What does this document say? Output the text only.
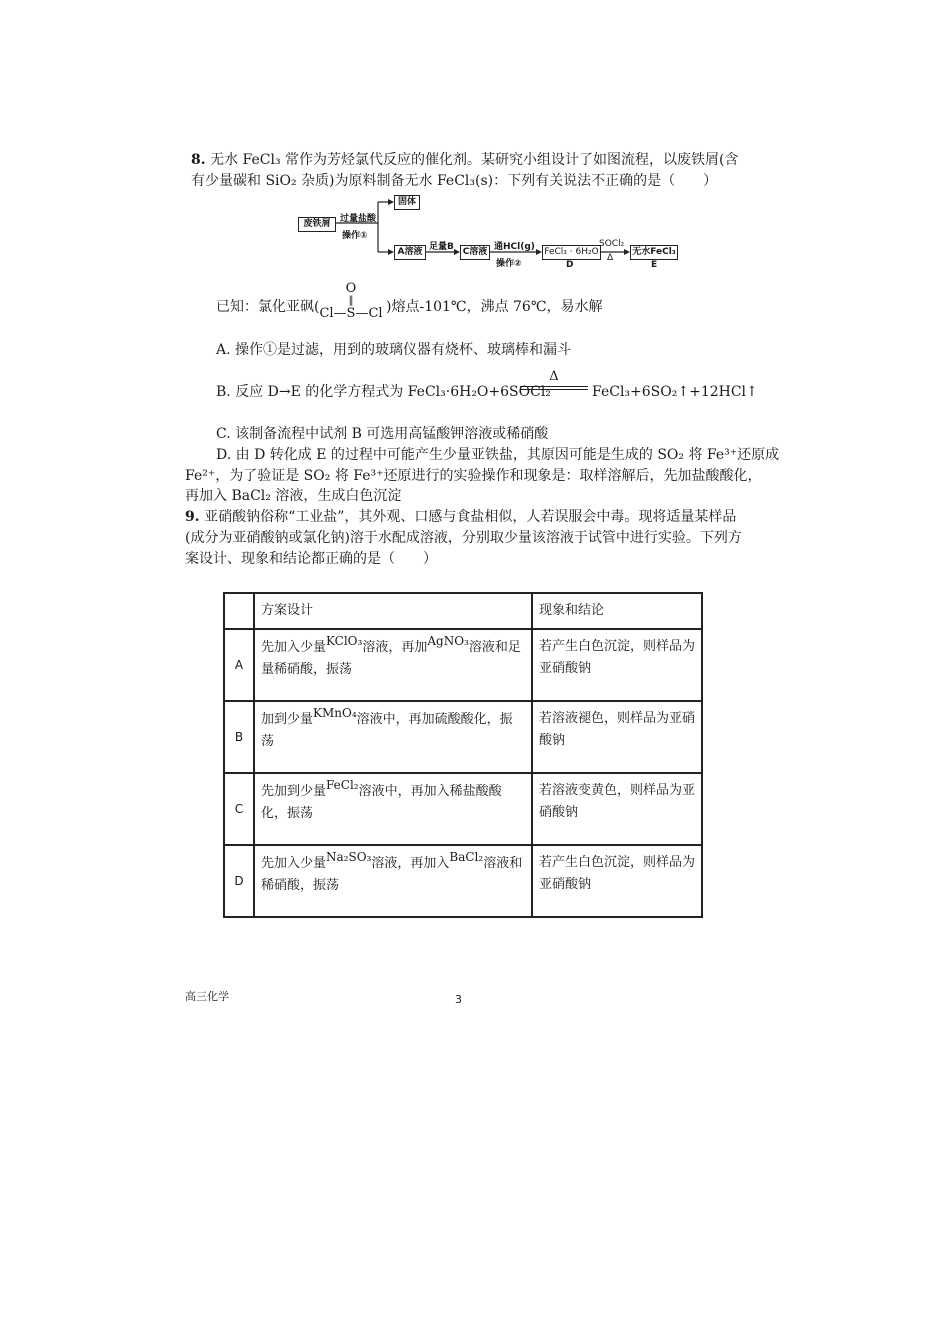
8. 无水 FeCl₃ 常作为芳烃氯代反应的催化剂。某研究小组设计了如图流程，以废铁屑(含有少量碳和 SiO₂ 杂质)为原料制备无水 FeCl₃(s)：下列有关说法不正确的是（　　）
废铁屑	过量盐酸
操作①
固体
A溶液 足量B C溶液 通HCl(g)
操作②
FeCl₃ · 6H₂O
D
SOCl₂
Δ
无水FeCl₃
E
已知：氯化亚砜(
O
‖
Cl—S—Cl )熔点-101℃，沸点 76℃，易水解
A. 操作①是过滤，用到的玻璃仪器有烧杯、玻璃棒和漏斗
B. 反应 D→E 的化学方程式为 FeCl₃·6H₂O+6SOCl₂
Δ
FeCl₃+6SO₂↑+12HCl↑
C. 该制备流程中试剂 B 可选用高锰酸钾溶液或稀硝酸
D. 由 D 转化成 E 的过程中可能产生少量亚铁盐，其原因可能是生成的 SO₂ 将 Fe³⁺还原成
Fe²⁺，为了验证是 SO₂ 将 Fe³⁺还原进行的实验操作和现象是：取样溶解后，先加盐酸酸化，
再加入 BaCl₂ 溶液，生成白色沉淀
9. 亚硝酸钠俗称“工业盐”，其外观、口感与食盐相似，人若误服会中毒。现将适量某样品(成分为亚硝酸钠或氯化钠)溶于水配成溶液，分别取少量该溶液于试管中进行实验。下列方案设计、现象和结论都正确的是（　　）
	方案设计	现象和结论
A	先加入少量KClO₃溶液，再加AgNO₃溶液和足量稀硝酸，振荡	若产生白色沉淀，则样品为亚硝酸钠
B	加到少量KMnO₄溶液中，再加硫酸酸化，振荡	若溶液褪色，则样品为亚硝酸钠
C	先加到少量FeCl₂溶液中，再加入稀盐酸酸化，振荡	若溶液变黄色，则样品为亚硝酸钠
D	先加入少量Na₂SO₃溶液，再加入BaCl₂溶液和稀硝酸，振荡	若产生白色沉淀，则样品为亚硝酸钠
高三化学	3
